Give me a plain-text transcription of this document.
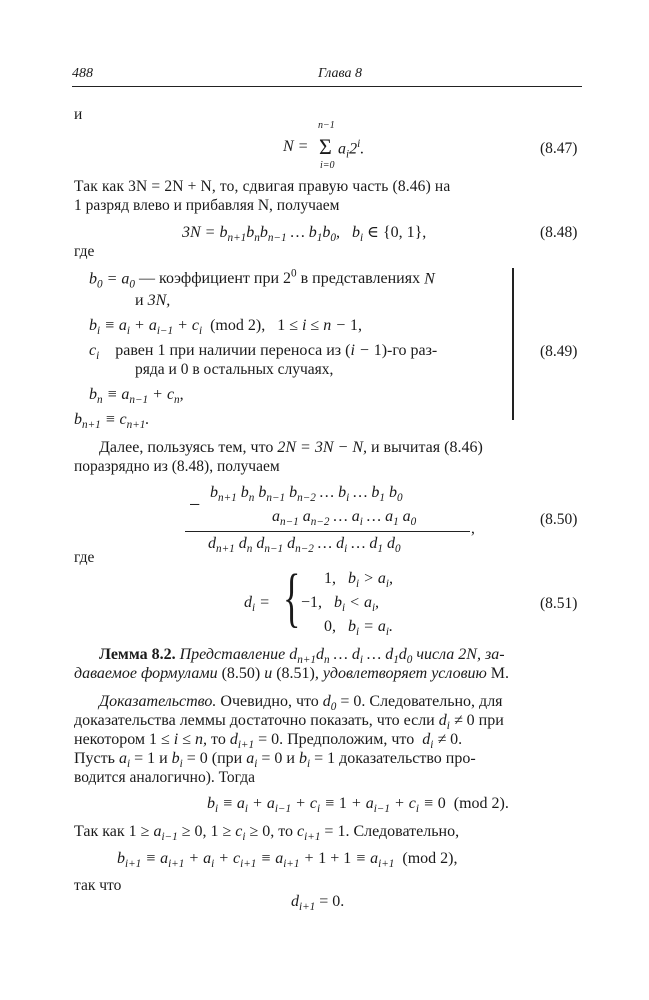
488	Глава 8
и
N = Σ
n−1
i=0
$a_i2^i$.	(8.47)
Так как 3N = 2N + N, то, сдвигая правую часть (8.46) на
1 разряд влево и прибавляя N, получаем
$3N = b_{n+1}b_nb_{n-1}$ … $b_1b_0$,   $b_i$ ∈ {0, 1},	(8.48)
где
$b_0 = a_0$ — коэффициент при $2^0$ в представлениях N
и 3N,
$b_i \equiv a_i + a_{i-1} + c_i$ (mod 2), 1 ≤ i ≤ n − 1,
$c_i$ равен 1 при наличии переноса из (i − 1)-го раз-
ряда и 0 в остальных случаях,
$b_n \equiv a_{n-1} + c_n$,
$b_{n+1} \equiv c_{n+1}$.
(8.49)
Далее, пользуясь тем, что 2N = 3N − N, и вычитая (8.46)
поразрядно из (8.48), получаем
$b_{n+1}$ $b_n$ $b_{n-1}$ $b_{n-2}$ … $b_i$ … $b_1$ $b_0$
−
$a_{n-1}$ $a_{n-2}$ … $a_i$ … $a_1$ $a_0$
$d_{n+1}$ $d_n$ $d_{n-1}$ $d_{n-2}$ … $d_i$ … $d_1$ $d_0$
,
(8.50)
где
$d_i$ = { 1,   $b_i > a_i$,
−1,   $b_i < a_i$,
0,   $b_i = a_i$.
(8.51)
Лемма 8.2. Представление $d_{n+1}d_n$ … $d_i$ … $d_1d_0$ числа 2N, за-
даваемое формулами (8.50) и (8.51), удовлетворяет условию M.
Доказательство. Очевидно, что $d_0 = 0$. Следовательно, для
доказательства леммы достаточно показать, что если $d_i \ne 0$ при
некотором 1 ≤ i ≤ n, то $d_{i+1} = 0$. Предположим, что  $d_i \ne 0$.
Пусть $a_i = 1$ и $b_i = 0$ (при $a_i = 0$ и $b_i = 1$ доказательство про-
водится аналогично). Тогда
$b_i \equiv a_i + a_{i-1} + c_i \equiv 1 + a_{i-1} + c_i \equiv 0$  (mod 2).
Так как $1 \ge a_{i-1} \ge 0$, $1 \ge c_i \ge 0$, то $c_{i+1} = 1$. Следовательно,
$b_{i+1} \equiv a_{i+1} + a_i + c_{i+1} \equiv a_{i+1} + 1 + 1 \equiv a_{i+1}$ (mod 2),
так что
$d_{i+1} = 0$.
